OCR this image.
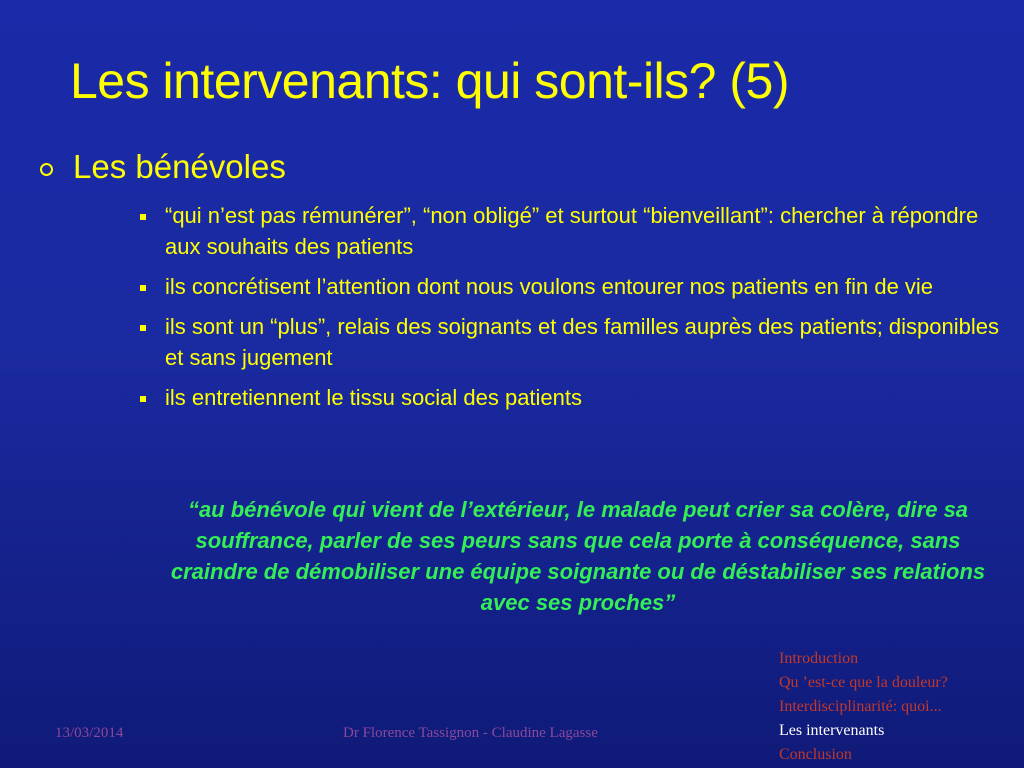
Les intervenants: qui sont-ils? (5)
Les bénévoles
“qui n’est pas rémunérer”, “non obligé” et surtout “bienveillant”: chercher à répondre aux souhaits des patients
ils concrétisent l’attention dont nous voulons entourer nos patients en fin de vie
ils sont un “plus”, relais des soignants et des familles auprès des patients; disponibles et sans jugement
ils entretiennent le tissu social des patients

“au bénévole qui vient de l’extérieur, le malade peut crier sa colère, dire sa souffrance, parler de ses peurs sans que cela porte à conséquence, sans craindre de démobiliser une équipe soignante ou de déstabiliser ses relations avec ses proches”

13/03/2014	Dr Florence Tassignon - Claudine Lagasse
Introduction
Qu ’est-ce que la douleur?
Interdisciplinarité: quoi...
Les intervenants
Conclusion
